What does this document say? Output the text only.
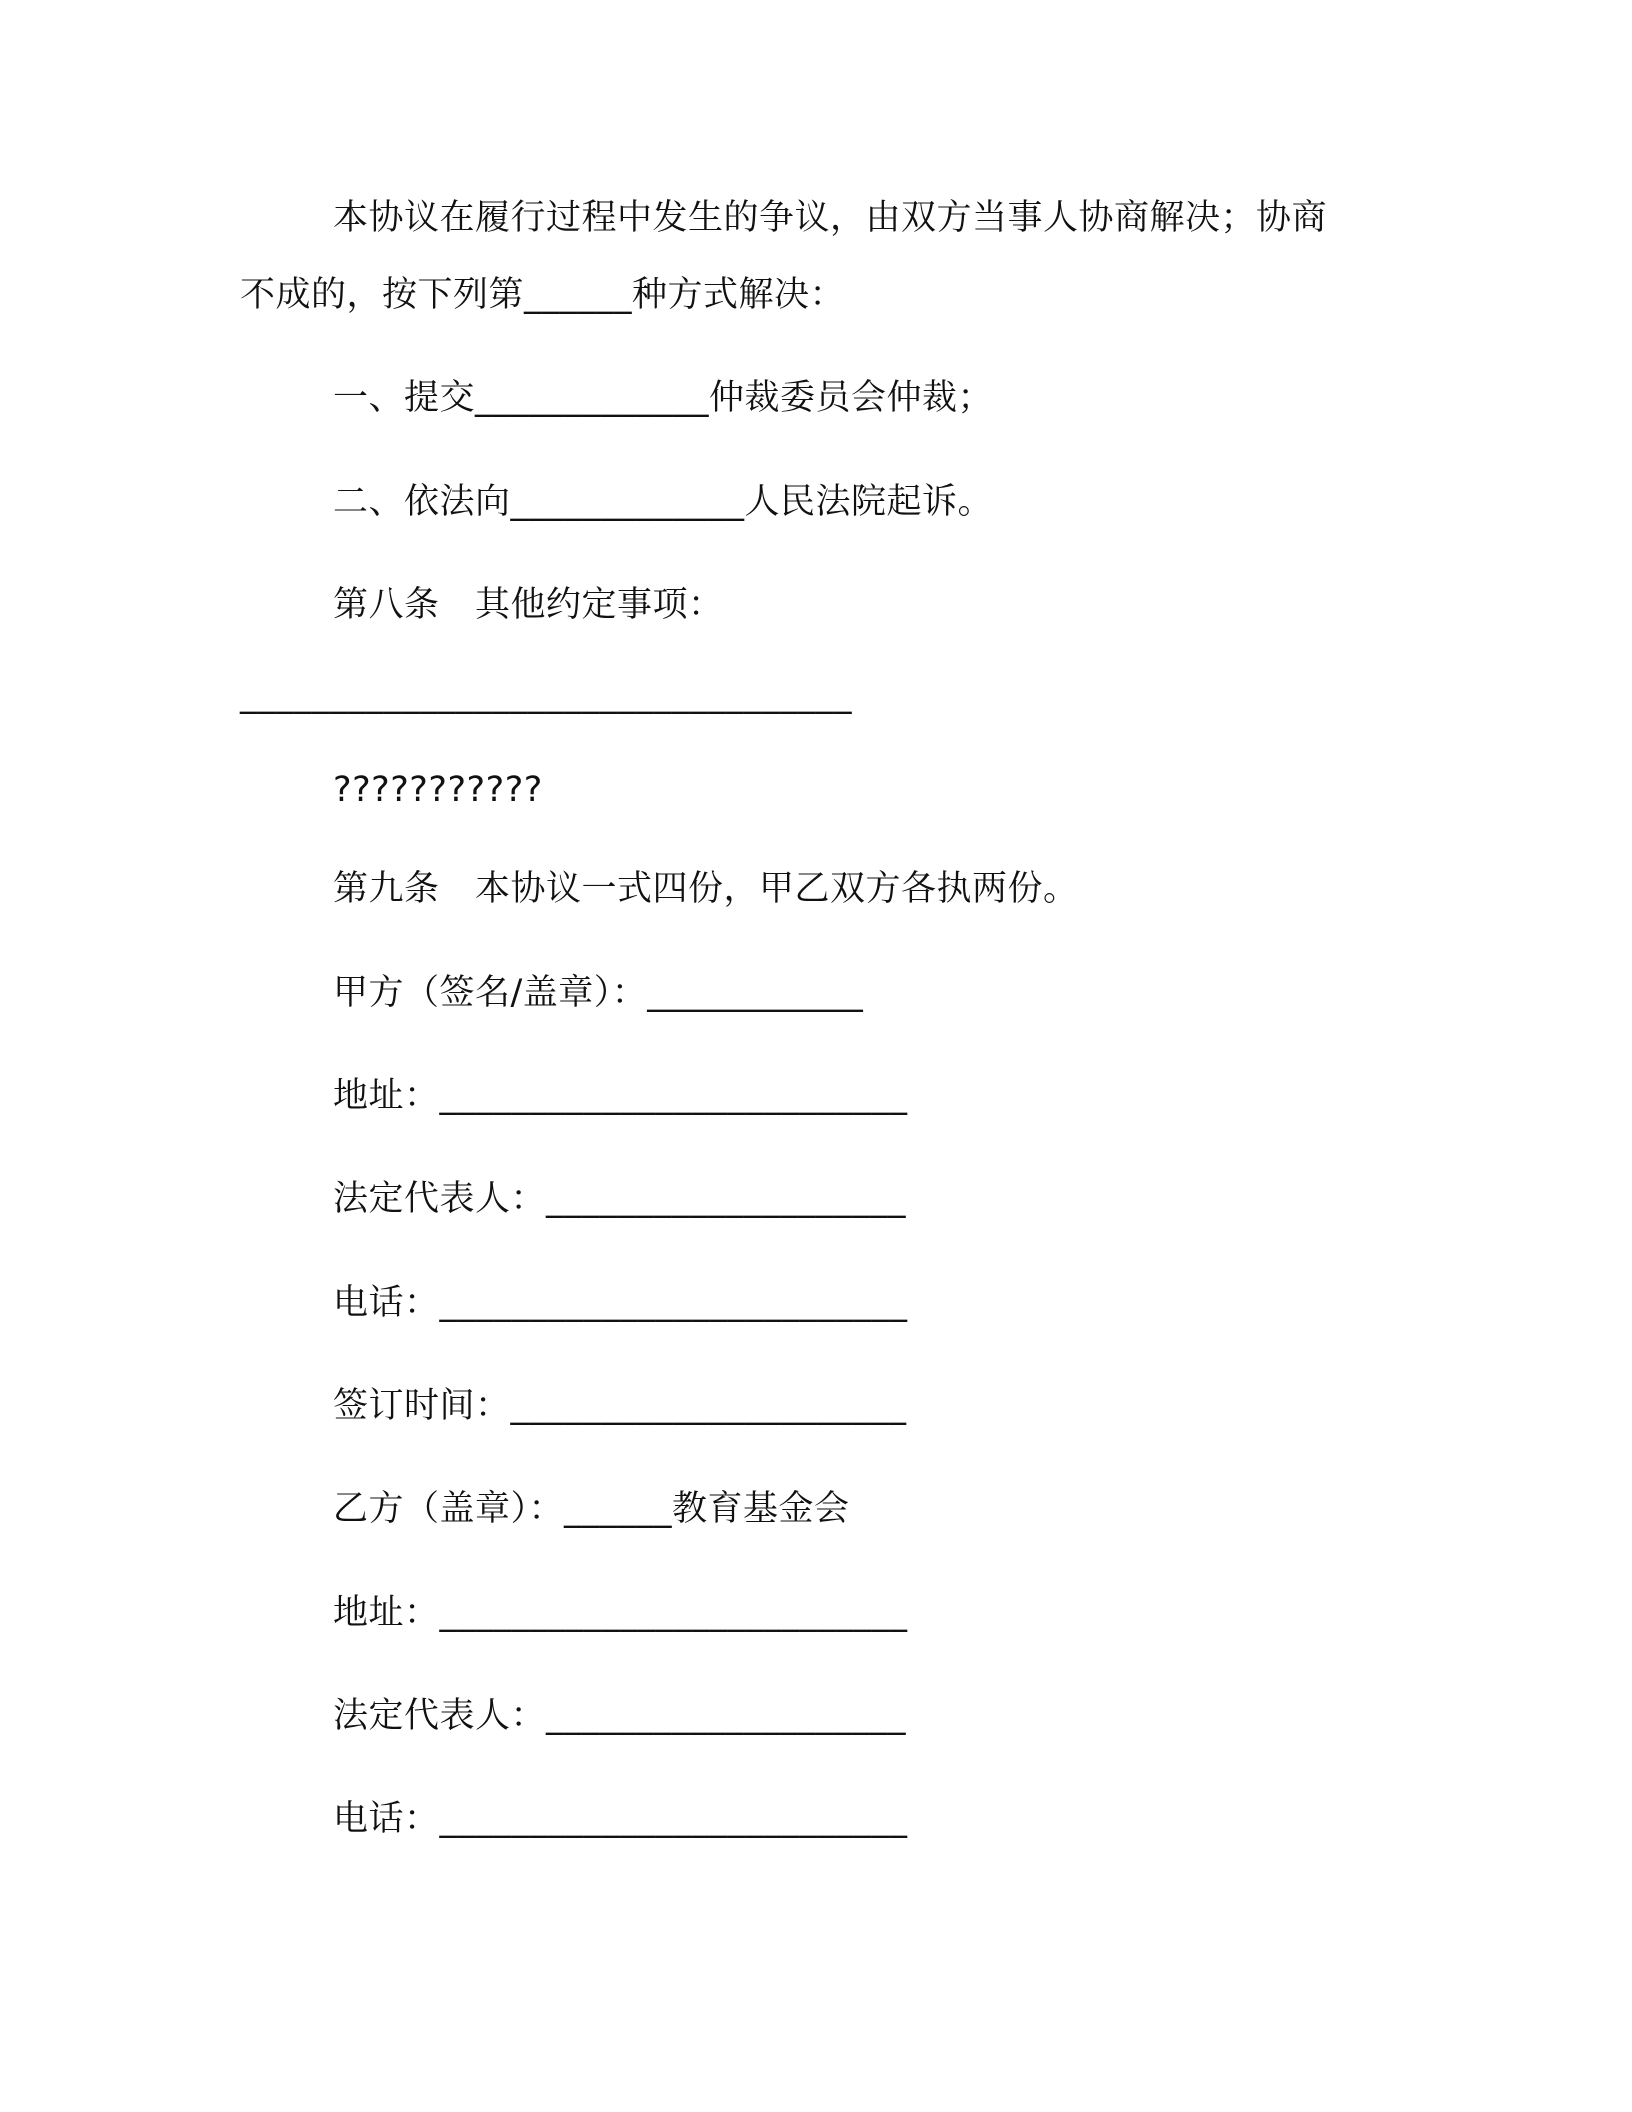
本协议在履行过程中发生的争议，由双方当事人协商解决；协商
不成的，按下列第______种方式解决：
一、提交_____________仲裁委员会仲裁；
二、依法向_____________人民法院起诉。
第八条　其他约定事项：
__________________________________
???????????
第九条　本协议一式四份，甲乙双方各执两份。
甲方（签名/盖章）：____________
地址：__________________________
法定代表人：____________________
电话：__________________________
签订时间：______________________
乙方（盖章）：______教育基金会
地址：__________________________
法定代表人：____________________
电话：__________________________
